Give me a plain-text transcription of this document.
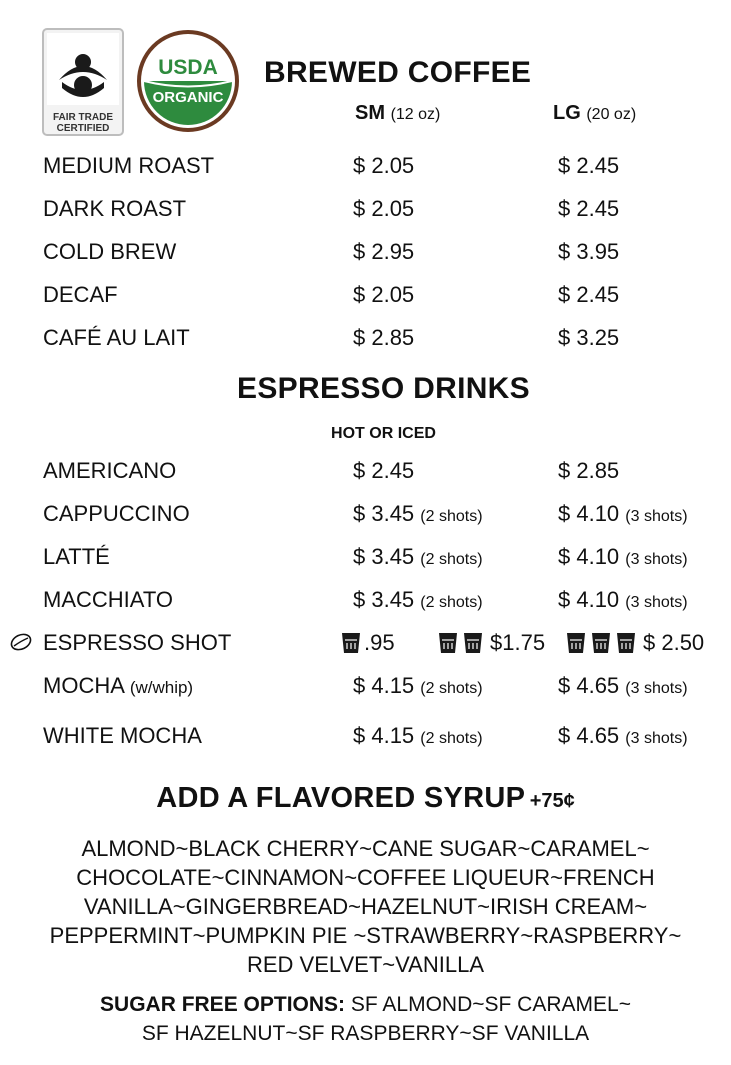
FAIR TRADE
CERTIFIED
USDA
ORGANIC
BREWED COFFEE
SM (12 oz)	LG (20 oz)
MEDIUM ROAST	$ 2.05	$ 2.45
DARK ROAST	$ 2.05	$ 2.45
COLD BREW	$ 2.95	$ 3.95
DECAF	$ 2.05	$ 2.45
CAFÉ AU LAIT	$ 2.85	$ 3.25
ESPRESSO DRINKS
HOT OR ICED
AMERICANO	$ 2.45	$ 2.85
CAPPUCCINO	$ 3.45 (2 shots)	$ 4.10 (3 shots)
LATTÉ	$ 3.45 (2 shots)	$ 4.10 (3 shots)
MACCHIATO	$ 3.45 (2 shots)	$ 4.10 (3 shots)
ESPRESSO SHOT	.95	$1.75	$ 2.50
MOCHA (w/whip)	$ 4.15 (2 shots)	$ 4.65 (3 shots)
WHITE MOCHA	$ 4.15 (2 shots)	$ 4.65 (3 shots)
ADD A FLAVORED SYRUP +75¢
ALMOND~BLACK CHERRY~CANE SUGAR~CARAMEL~
CHOCOLATE~CINNAMON~COFFEE LIQUEUR~FRENCH
VANILLA~GINGERBREAD~HAZELNUT~IRISH CREAM~
PEPPERMINT~PUMPKIN PIE ~STRAWBERRY~RASPBERRY~
RED VELVET~VANILLA
SUGAR FREE OPTIONS: SF ALMOND~SF CARAMEL~
SF HAZELNUT~SF RASPBERRY~SF VANILLA
